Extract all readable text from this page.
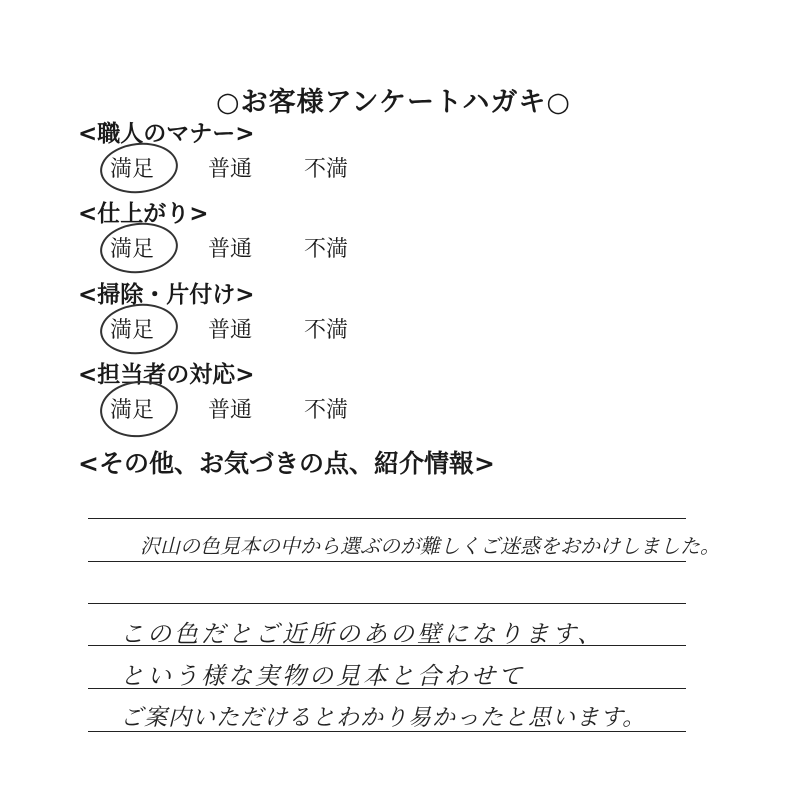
○お客様アンケートハガキ○
<職人のマナー>
満足 普通 不満
<仕上がり>
満足 普通 不満
<掃除・片付け>
満足 普通 不満
<担当者の対応>
満足 普通 不満
<その他、お気づきの点、紹介情報>
沢山の色見本の中から選ぶのが難しくご迷惑をおかけしました。
この色だとご近所のあの壁になります、
という様な実物の見本と合わせて
ご案内いただけるとわかり易かったと思います。
